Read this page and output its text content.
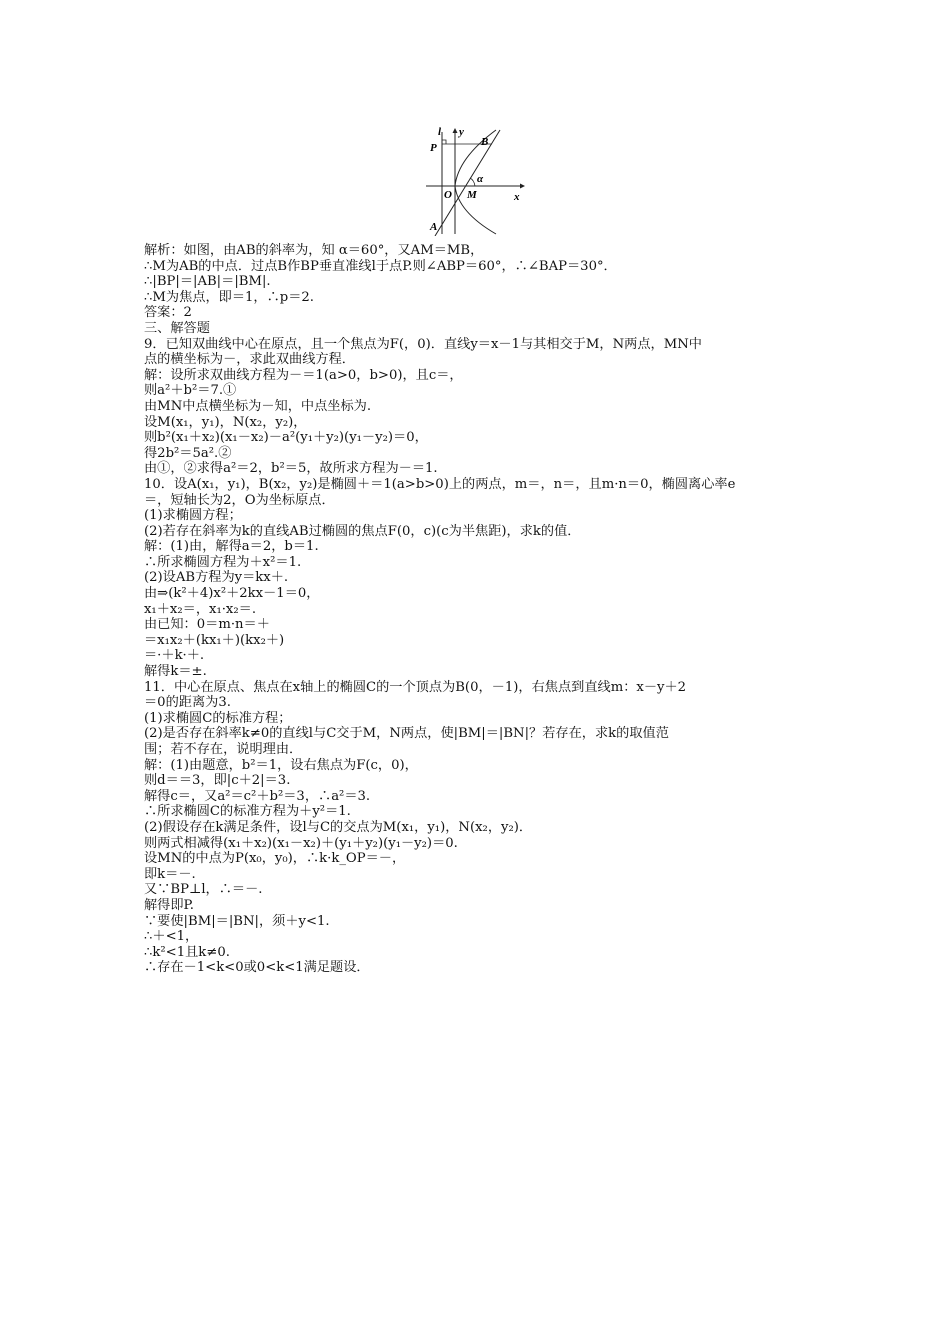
l y
B
P
α
O M	x
A
解析：如图，由AB的斜率为，知 α＝60°，又AM＝MB，
∴M为AB的中点．过点B作BP垂直准线l于点P.则∠ABP＝60°，∴∠BAP＝30°．
∴|BP|＝|AB|＝|BM|.
∴M为焦点，即＝1，∴p＝2.
答案：2
三、解答题
9．已知双曲线中心在原点，且一个焦点为F(，0)．直线y＝x－1与其相交于M，N两点，MN中
点的横坐标为－，求此双曲线方程．
解：设所求双曲线方程为－＝1(a>0，b>0)，且c＝，
则a²＋b²＝7.①
由MN中点横坐标为－知，中点坐标为.
设M(x₁，y₁)，N(x₂，y₂)，
则b²(x₁＋x₂)(x₁－x₂)－a²(y₁＋y₂)(y₁－y₂)＝0，
得2b²＝5a².②
由①，②求得a²＝2，b²＝5，故所求方程为－＝1.
10．设A(x₁，y₁)，B(x₂，y₂)是椭圆＋＝1(a>b>0)上的两点，m＝，n＝，且m·n＝0，椭圆离心率e
＝，短轴长为2，O为坐标原点．
(1)求椭圆方程；
(2)若存在斜率为k的直线AB过椭圆的焦点F(0，c)(c为半焦距)，求k的值．
解：(1)由，解得a＝2，b＝1.
∴所求椭圆方程为＋x²＝1.
(2)设AB方程为y＝kx＋.
由⇒(k²＋4)x²＋2kx－1＝0，
x₁＋x₂＝，x₁·x₂＝.
由已知：0＝m·n＝＋
＝x₁x₂＋(kx₁＋)(kx₂＋)
＝·＋k·＋.
解得k＝±.
11．中心在原点、焦点在x轴上的椭圆C的一个顶点为B(0，－1)，右焦点到直线m：x－y＋2
＝0的距离为3.
(1)求椭圆C的标准方程；
(2)是否存在斜率k≠0的直线l与C交于M，N两点，使|BM|＝|BN|？若存在，求k的取值范
围；若不存在，说明理由．
解：(1)由题意，b²＝1，设右焦点为F(c，0)，
则d＝＝3，即|c＋2|＝3.
解得c＝，又a²＝c²＋b²＝3，∴a²＝3.
∴所求椭圆C的标准方程为＋y²＝1.
(2)假设存在k满足条件，设l与C的交点为M(x₁，y₁)，N(x₂，y₂)．
则两式相减得(x₁＋x₂)(x₁－x₂)＋(y₁＋y₂)(y₁－y₂)＝0.
设MN的中点为P(x₀，y₀)，∴k·k_OP＝－，
即k＝－.
又∵BP⊥l，∴＝－.
解得即P.
∵要使|BM|＝|BN|，须＋y<1.
∴＋<1，
∴k²<1且k≠0.
∴存在－1<k<0或0<k<1满足题设．
